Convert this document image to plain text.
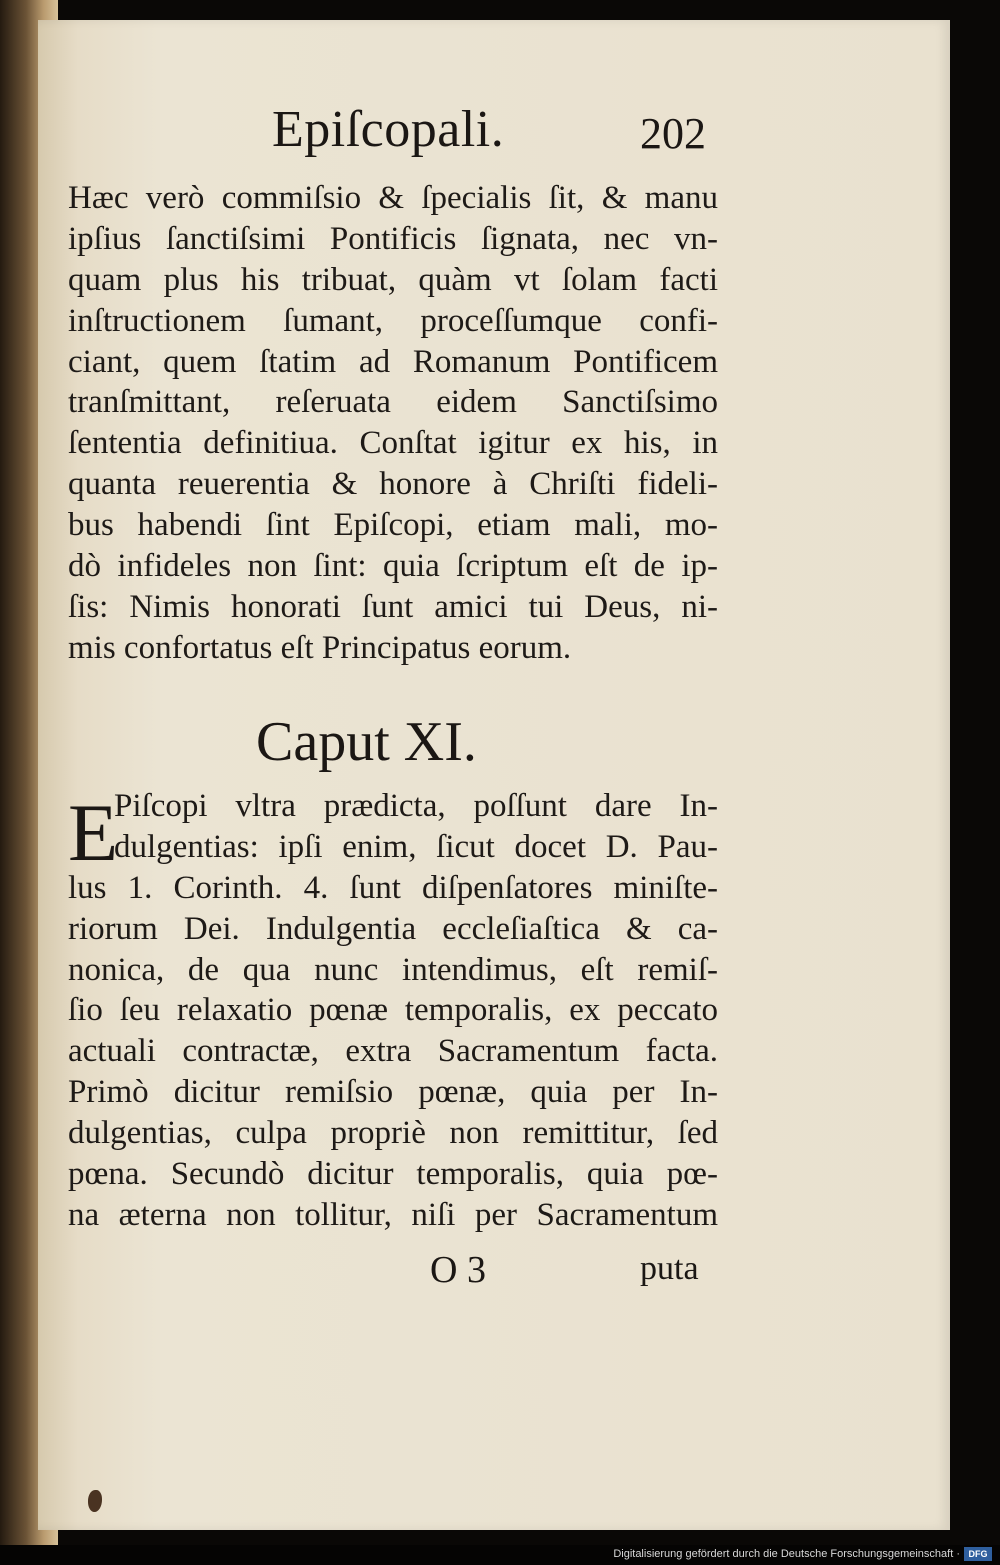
Epiſcopali.	202
Hæc verò commiſsio & ſpecialis ſit, & manu
ipſius ſanctiſsimi Pontificis ſignata, nec vn-
quam plus his tribuat, quàm vt ſolam facti
inſtructionem ſumant, proceſſumque confi-
ciant, quem ſtatim ad Romanum Pontificem
tranſmittant, reſeruata eidem Sanctiſsimo
ſententia definitiua. Conſtat igitur ex his, in
quanta reuerentia & honore à Chriſti fideli-
bus habendi ſint Epiſcopi, etiam mali, mo-
dò infideles non ſint: quia ſcriptum eſt de ip-
ſis: Nimis honorati ſunt amici tui Deus, ni-
mis confortatus eſt Principatus eorum.
Caput XI.
E
Piſcopi vltra prædicta, poſſunt dare In-
dulgentias: ipſi enim, ſicut docet D. Pau-
lus 1. Corinth. 4. ſunt diſpenſatores miniſte-
riorum Dei. Indulgentia eccleſiaſtica & ca-
nonica, de qua nunc intendimus, eſt remiſ-
ſio ſeu relaxatio pœnæ temporalis, ex peccato
actuali contractæ, extra Sacramentum facta.
Primò dicitur remiſsio pœnæ, quia per In-
dulgentias, culpa propriè non remittitur, ſed
pœna. Secundò dicitur temporalis, quia pœ-
na æterna non tollitur, niſi per Sacramentum
O 3	puta
Digitalisierung gefördert durch die Deutsche Forschungsgemeinschaft · DFG
